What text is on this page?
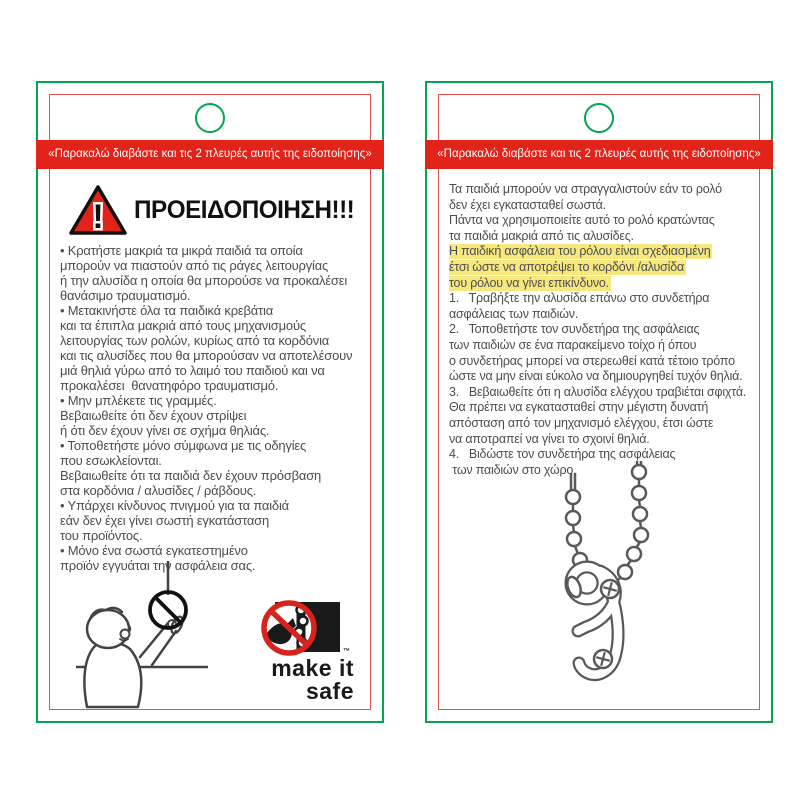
«Παρακαλώ διαβάστε και τις 2 πλευρές αυτής της ειδοποίησης»
! ΠΡΟΕΙΔΟΠΟΙΗΣΗ!!!
• Κρατήστε μακριά τα μικρά παιδιά τα οποία
μπορούν να πιαστούν από τις ράγες λειτουργίας
ή την αλυσίδα η οποία θα μπορούσε να προκαλέσει
θανάσιμο τραυματισμό.
• Μετακινήστε όλα τα παιδικά κρεβάτια
και τα έπιπλα μακριά από τους μηχανισμούς
λειτουργίας των ρολών, κυρίως από τα κορδόνια
και τις αλυσίδες που θα μπορούσαν να αποτελέσουν
μιά θηλιά γύρω από το λαιμό του παιδιού και να
προκαλέσει  θανατηφόρο τραυματισμό.
• Μην μπλέκετε τις γραμμές.
Βεβαιωθείτε ότι δεν έχουν στρίψει
ή ότι δεν έχουν γίνει σε σχήμα θηλιάς.
• Τοποθετήστε μόνο σύμφωνα με τις οδηγίες
που εσωκλείονται.
Βεβαιωθείτε ότι τα παιδιά δεν έχουν πρόσβαση
στα κορδόνια / αλυσίδες / ράβδους.
• Υπάρχει κίνδυνος πνιγμού για τα παιδιά
εάν δεν έχει γίνει σωστή εγκατάσταση
του προϊόντος.
• Μόνο ένα σωστά εγκατεστημένο
προϊόν εγγυάται την ασφάλεια σας.
™
make it
safe
«Παρακαλώ διαβάστε και τις 2 πλευρές αυτής της ειδοποίησης»
Τα παιδιά μπορούν να στραγγαλιστούν εάν το ρολό
δεν έχει εγκατασταθεί σωστά.
Πάντα να χρησιμοποιείτε αυτό το ρολό κρατώντας
τα παιδιά μακριά από τις αλυσίδες.
Η παιδική ασφάλεια του ρόλου είναι σχεδιασμένη
έτσι ώστε να αποτρέψει το κορδόνι /αλυσίδα
του ρόλου να γίνει επικίνδυνο.
1.   Τραβήξτε την αλυσίδα επάνω στο συνδετήρα
ασφάλειας των παιδιών.
2.   Τοποθετήστε τον συνδετήρα της ασφάλειας
των παιδιών σε ένα παρακείμενο τοίχο ή όπου
ο συνδετήρας μπορεί να στερεωθεί κατά τέτοιο τρόπο
ώστε να μην είναι εύκολο να δημιουργηθεί τυχόν θηλιά.
3.   Βεβαιωθείτε ότι η αλυσίδα ελέγχου τραβιέται σφιχτά.
Θα πρέπει να εγκατασταθεί στην μέγιστη δυνατή
απόσταση από τον μηχανισμό ελέγχου, έτσι ώστε
να αποτραπεί να γίνει το σχοινί θηλιά.
4.   Βιδώστε τον συνδετήρα της ασφάλειας
των παιδιών στο χώρο.
